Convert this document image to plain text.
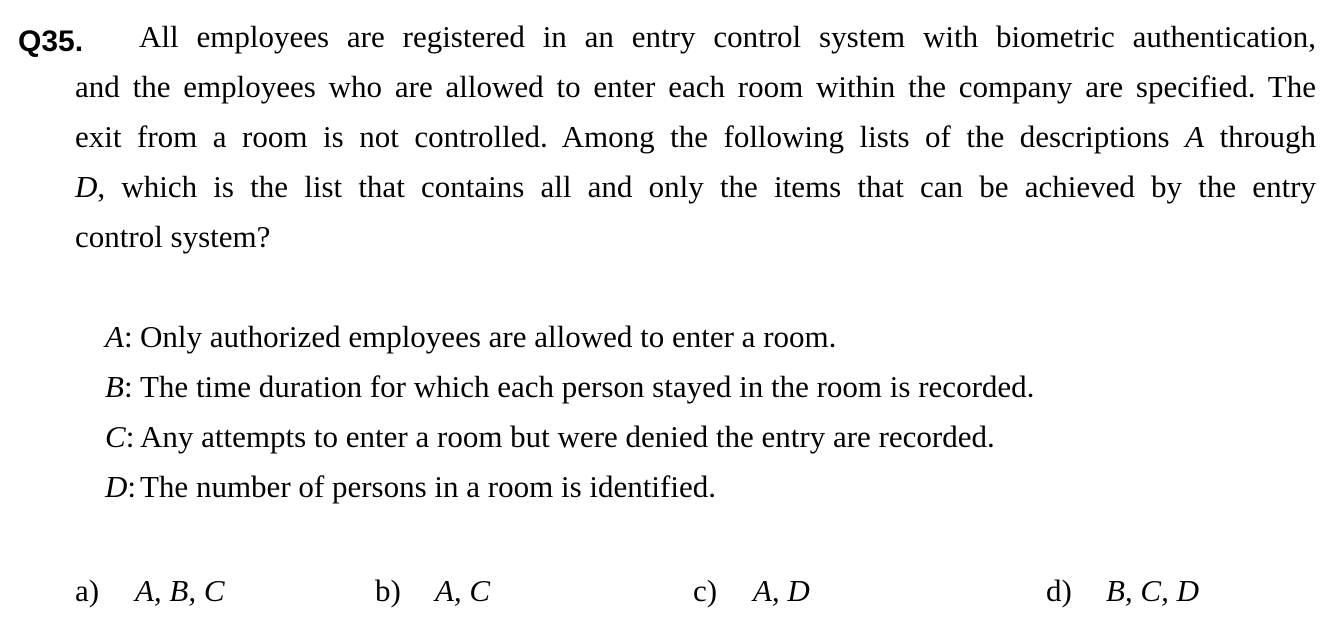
Q35.	All employees are registered in an entry control system with biometric authentication,
and the employees who are allowed to enter each room within the company are specified. The
exit from a room is not controlled. Among the following lists of the descriptions A through
D, which is the list that contains all and only the items that can be achieved by the entry
control system?
A: Only authorized employees are allowed to enter a room.
B: The time duration for which each person stayed in the room is recorded.
C: Any attempts to enter a room but were denied the entry are recorded.
D: The number of persons in a room is identified.
a) A, B, C	b) A, C	c) A, D	d) B, C, D
